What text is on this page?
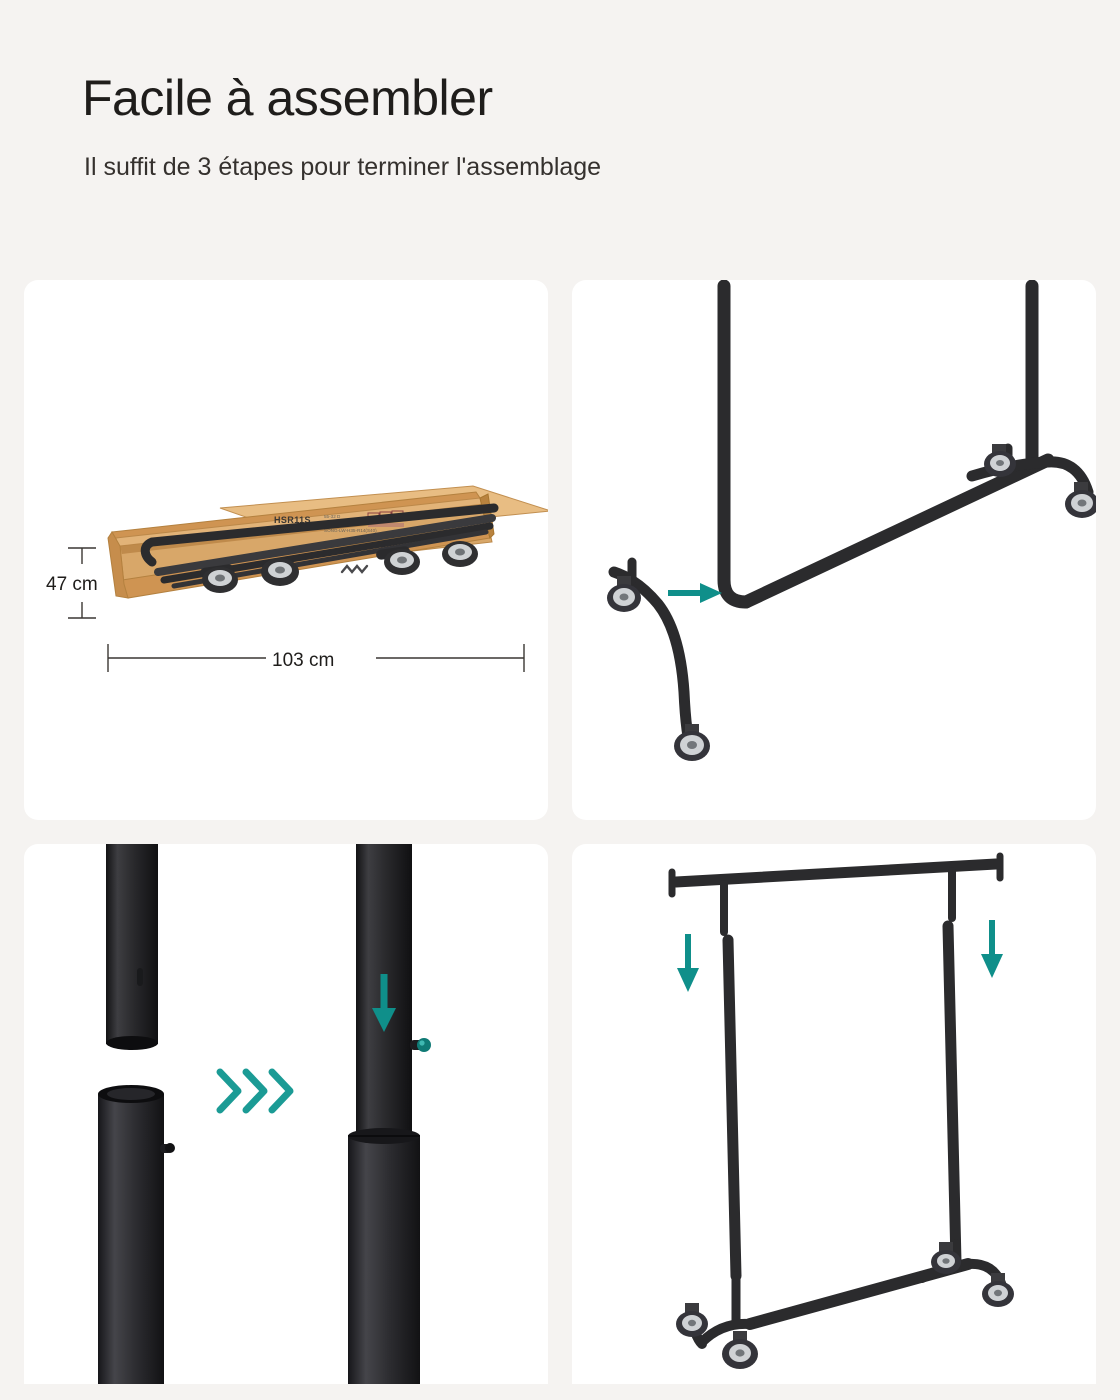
Facile à assembler
Il suffit de 3 étapes pour terminer l'assemblage
HSR11S	55-32 D
23-11 W
SONG-LW-H35-R14(S40)
47 cm
103 cm
